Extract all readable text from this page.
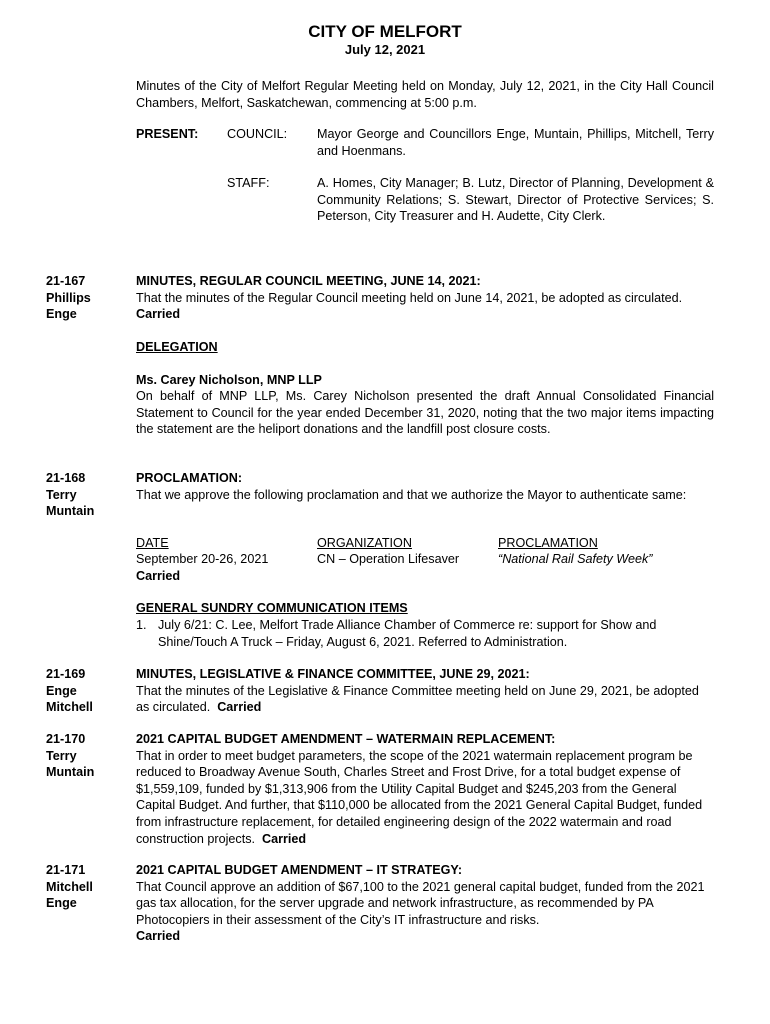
CITY OF MELFORT
July 12, 2021
Minutes of the City of Melfort Regular Meeting held on Monday, July 12, 2021, in the City Hall Council Chambers, Melfort, Saskatchewan, commencing at 5:00 p.m.
PRESENT: COUNCIL: Mayor George and Councillors Enge, Muntain, Phillips, Mitchell, Terry and Hoenmans.
STAFF:	A. Homes, City Manager; B. Lutz, Director of Planning, Development & Community Relations; S. Stewart, Director of Protective Services; S. Peterson, City Treasurer and H. Audette, City Clerk.
21-167
Phillips
Enge
MINUTES, REGULAR COUNCIL MEETING, JUNE 14, 2021:
That the minutes of the Regular Council meeting held on June 14, 2021, be adopted as circulated.  Carried
DELEGATION
Ms. Carey Nicholson, MNP LLP
On behalf of MNP LLP, Ms. Carey Nicholson presented the draft Annual Consolidated Financial Statement to Council for the year ended December 31, 2020, noting that the two major items impacting the statement are the heliport donations and the landfill post closure costs.
21-168
Terry
Muntain
PROCLAMATION:
That we approve the following proclamation and that we authorize the Mayor to authenticate same:
DATE	ORGANIZATION	PROCLAMATION
September 20-26, 2021	CN – Operation Lifesaver	“National Rail Safety Week”
Carried
GENERAL SUNDRY COMMUNICATION ITEMS
1. July 6/21: C. Lee, Melfort Trade Alliance Chamber of Commerce re: support for Show and Shine/Touch A Truck – Friday, August 6, 2021. Referred to Administration.
21-169
Enge
Mitchell
MINUTES, LEGISLATIVE & FINANCE COMMITTEE, JUNE 29, 2021:
That the minutes of the Legislative & Finance Committee meeting held on June 29, 2021, be adopted as circulated. Carried
21-170
Terry
Muntain
2021 CAPITAL BUDGET AMENDMENT – WATERMAIN REPLACEMENT:
That in order to meet budget parameters, the scope of the 2021 watermain replacement program be reduced to Broadway Avenue South, Charles Street and Frost Drive, for a total budget expense of $1,559,109, funded by $1,313,906 from the Utility Capital Budget and $245,203 from the General Capital Budget. And further, that $110,000 be allocated from the 2021 General Capital Budget, funded from infrastructure replacement, for detailed engineering design of the 2022 watermain and road construction projects. Carried
21-171
Mitchell
Enge
2021 CAPITAL BUDGET AMENDMENT – IT STRATEGY:
That Council approve an addition of $67,100 to the 2021 general capital budget, funded from the 2021 gas tax allocation, for the server upgrade and network infrastructure, as recommended by PA Photocopiers in their assessment of the City’s IT infrastructure and risks.
Carried
